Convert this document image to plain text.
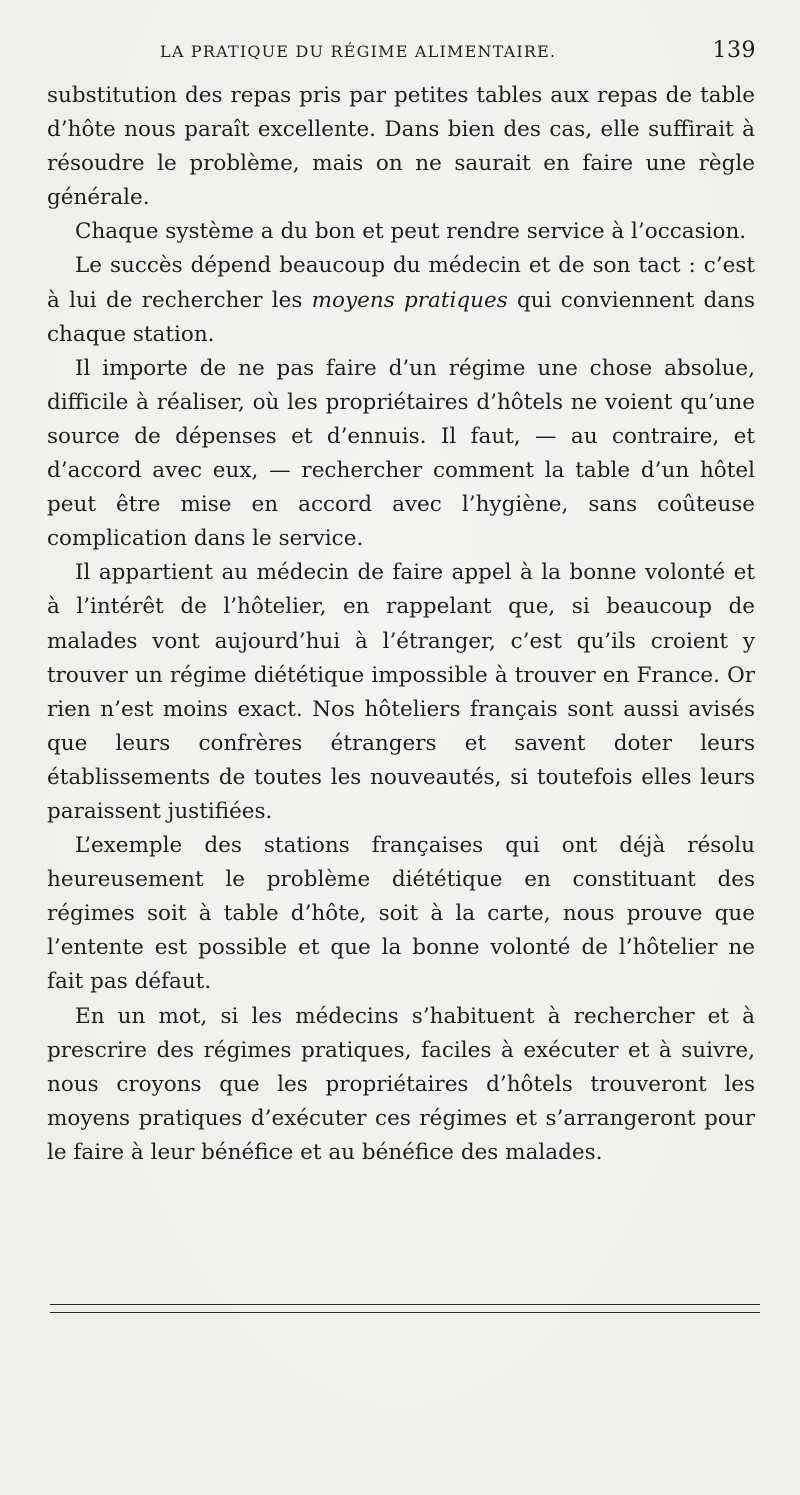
LA PRATIQUE DU RÉGIME ALIMENTAIRE.	139

substitution des repas pris par petites tables aux repas de table d’hôte nous paraît excellente. Dans bien des cas, elle suffirait à résoudre le problème, mais on ne saurait en faire une règle générale.

Chaque système a du bon et peut rendre service à l’occasion.

Le succès dépend beaucoup du médecin et de son tact : c’est à lui de rechercher les moyens pratiques qui conviennent dans chaque station.

Il importe de ne pas faire d’un régime une chose absolue, difficile à réaliser, où les propriétaires d’hôtels ne voient qu’une source de dépenses et d’ennuis. Il faut, — au contraire, et d’accord avec eux, — rechercher comment la table d’un hôtel peut être mise en accord avec l’hygiène, sans coûteuse complication dans le service.

Il appartient au médecin de faire appel à la bonne volonté et à l’intérêt de l’hôtelier, en rappelant que, si beaucoup de malades vont aujourd’hui à l’étranger, c’est qu’ils croient y trouver un régime diététique impossible à trouver en France. Or rien n’est moins exact. Nos hôteliers français sont aussi avisés que leurs confrères étrangers et savent doter leurs établissements de toutes les nouveautés, si toutefois elles leurs paraissent justifiées.

L’exemple des stations françaises qui ont déjà résolu heureusement le problème diététique en constituant des régimes soit à table d’hôte, soit à la carte, nous prouve que l’entente est possible et que la bonne volonté de l’hôtelier ne fait pas défaut.

En un mot, si les médecins s’habituent à rechercher et à prescrire des régimes pratiques, faciles à exécuter et à suivre, nous croyons que les propriétaires d’hôtels trouveront les moyens pratiques d’exécuter ces régimes et s’arrangeront pour le faire à leur bénéfice et au bénéfice des malades.
